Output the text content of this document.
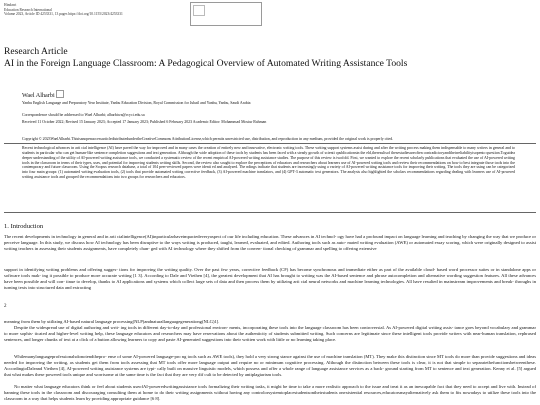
Hindawi
Education Research International
Volume 2023, Article ID 4253331, 13 pages https://doi.org/10.1155/2023/4253331
Research Article
AI in the Foreign Language Classroom: A Pedagogical Overview of Automated Writing Assistance Tools
Wael Alharbi
Yanbu English Language and Preparatory Year Institute, Yanbu Education Division, Royal Commission for Jubail and Yanbu, Yanbu, Saudi Arabia
Correspondence should be addressed to Wael Alharbi; alharbiwa@rcyci.edu.sa
Received 11 October 2022; Revised 15 January 2023; Accepted 17 January 2023; Published 6 February 2023 Academic Editor: Mohammad Mosiur Rahman
Copyright © 2023WaelAlharbi.ThisisanopenaccessarticledistributedundertheCreativeCommons AttributionLicense,which permits unrestricted use, distribution, and reproduction in any medium, provided the original work is properly cited.
Recent technological advances in arti cial intelligence (AI) have paved the way for improved and in many cases the creation of entirely new and innovative, electronic writing tools. These writing support systems assist during and after the writing process making them indispensable to many writers in general and to students in particular who can get human-like sentence completion suggestions and text generation. Although the wide adoption of these tools by students has been faced with a steady growth of scienti cpublicationsin the eld,theresultsof thesestudiesareoften contradictoryandtheirreliabilityisopento question.Toguidea deeper understanding of the utility of AI-powered writing assistance tools, we conducted a systematic review of the recent empirical AI-powered writing assistance studies. The purpose of this review is twofold. First, we wanted to explore the recent scholarly publications that evaluated the use of AI-powered writing tools in the classroom in terms of their types, uses, and potential for improving students writing skills. Second, the review also sought to explore the perceptions of educators and researchers about learners use of AI-powered writing tools and review their recommendations on how to best integrate those tools into the contemporary and future classroom. Using the Scopus research database, a total of 104 peer-reviewed papers were identi ed and analyzed. The ndings indicate that students are increasingly using a variety of AI-powered writing assistance tools for improving their writing. The tools they are using can be categorized into four main groups: (1) automated writing evaluation tools, (2) tools that provide automated writing corrective feedback, (3) AI-powered machine translators, and (4) GPT-3 automatic text generators. The analysis also highlighted the scholars recommendations regarding dealing with learners use of AI-powered writing assistance tools and grouped the recommendations into two groups for researchers and educators.
1. Introduction
The recent developments in technology in general and in arti cialintelligence(AI)inparticularhaveimpactedeveryaspect of our life including education. These advances in AI technol- ogy have had a profound impact on language learning and teaching by changing the way that we produce or perceive language. In this study, we discuss how AI technology has been disruptive to the ways writing is produced, taught, learned, evaluated, and edited. Authoring tools such as auto- mated writing evaluation (AWE) or automated essay scoring, which were originally designed to assist writing teachers in assessing their students assignments, have completely chan- ged with AI technology where they shifted from the conven- tional checking of grammar and spelling to offering extensive
support in identifying writing problems and offering sugges- tions for improving the writing quality. Over the past few years, corrective feedback (CF) has become synchronous and immediate either as part of the available cloud- based word processor suites or in standalone apps or software tools mak- ing it possible to produce more accurate writing [1 3]. According to Dale and Viethen [4], the greatest development that AI has brought to writing was the AI-based sentence and phrase autocompletion and alternative wording suggestion features. All these advances have been possible and will con- tinue to develop, thanks to AI applications and systems which collect large sets of data and then process them by utilizing arti cial neural networks and machine learning technologies. All have resulted in mainstream improvements and break- throughs in turning texts into structured data and extracting
2
meaning from them by utilizing AI-based natural language processing(NLP)andnaturallanguagegenerationg(NLG)1].
Despite the widespread use of digital authoring and writ- ing tools in different day-to-day and professional environ- ments, incorporating these tools into the language classroom has been controversial. As AI-powered digital writing assis- tance goes beyond vocabulary and grammar to more sophis- ticated and higher-level writing help, these language educators and researchers may have reservations about the authenticity of students submitted writing. Such concerns are legitimate since these intelligent tools provide writers with near-human translation, rephrased sentences, and longer chunks of text at a click of a button allowing learners to copy and paste AI-generated suggestions into their written work with little or no learning taking place.
Whilemanylanguageprofessionalsdonotendthepro- ense of some AI-powered language-pro ng tools such as AWE tools), they hold a very strong stance against the use of machine translation (MT). They make this distinction since MT tools do more than provide suggestions and ideas needed for improving the writing, as students get them from tools assessing that MT tools offer more language output and require no or minimum cognitive processing. Although the distinction between these tools is clear, it is not that simple to separatethefunctionsbetweenthese. AccordingtoDaleand Viethen [4], AI-powered writing assistance systems are typi- cally built on massive linguistic models, which possess and offer a whole range of language assistance services as a back- ground starting from MT to sentence and text generation. Kenny et al. [5] argued that what makes these powered tools unique and worrisome at the same time is the fact that they are very dif cult to be detected by antiplagiarism tools.
No matter what language educators think or feel about students useofAI-poweredwritingassistance tools formalizing their writing tasks, it might be time to take a more realistic approach to the issue and treat it as an inescapable fact that they need to accept and live with. Instead of banning these tools in the classroom and discouraging consulting them at home to do their writing assignments without having any controlorsystemtoplacestudentsontheirstudents onexistential resources,educatorsmayalternatively ask them to fits nowadays to utilize these tools into the classroom in a way that helps students learn by providing appropriate guidance [6 8].
